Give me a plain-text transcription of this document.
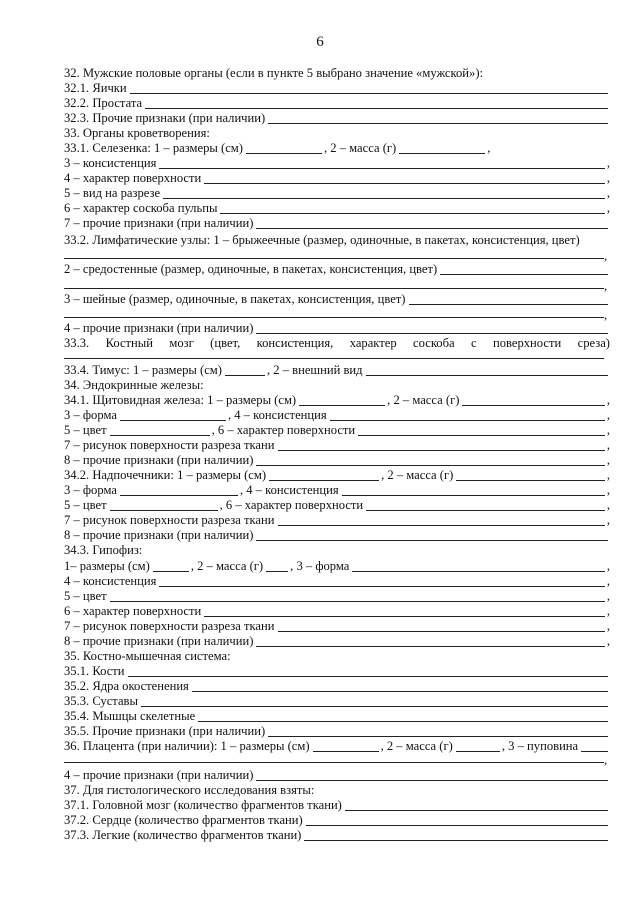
6
32. Мужские половые органы (если в пункте 5 выбрано значение «мужской»):
32.1. Яички
32.2. Простата
32.3. Прочие признаки (при наличии)
33. Органы кроветворения:
33.1. Селезенка: 1 – размеры (см)	, 2 – масса (г)	,
3 – консистенция	,
4 – характер поверхности	,
5 – вид на разрезе	,
6 – характер соскоба пульпы	,
7 – прочие признаки (при наличии)
33.2. Лимфатические узлы: 1 – брыжеечные (размер, одиночные, в пакетах, консистенция, цвет)
,
2 – средостенные (размер, одиночные, в пакетах, консистенция, цвет)
,
3 – шейные (размер, одиночные, в пакетах, консистенция, цвет)
,
4 – прочие признаки (при наличии)
33.3. Костный мозг (цвет, консистенция, характер соскоба с поверхности среза)
33.4. Тимус: 1 – размеры (см)	, 2 – внешний вид
34. Эндокринные железы:
34.1. Щитовидная железа: 1 – размеры (см)	, 2 – масса (г)	,
3 – форма	, 4 – консистенция	,
5 – цвет	, 6 – характер поверхности	,
7 – рисунок поверхности разреза ткани	,
8 – прочие признаки (при наличии)	,
34.2. Надпочечники: 1 – размеры (см)	, 2 – масса (г)	,
3 – форма	, 4 – консистенция	,
5 – цвет	, 6 – характер поверхности	,
7 – рисунок поверхности разреза ткани	,
8 – прочие признаки (при наличии)
34.3. Гипофиз:
1– размеры (см)	, 2 – масса (г) , 3 – форма	,
4 – консистенция	,
5 – цвет	,
6 – характер поверхности	,
7 – рисунок поверхности разреза ткани	,
8 – прочие признаки (при наличии)	,
35. Костно-мышечная система:
35.1. Кости
35.2. Ядра окостенения
35.3. Суставы
35.4. Мышцы скелетные
35.5. Прочие признаки (при наличии)
36. Плацента (при наличии): 1 – размеры (см)	, 2 – масса (г)	, 3 – пуповина
,
4 – прочие признаки (при наличии)
37. Для гистологического исследования взяты:
37.1. Головной мозг (количество фрагментов ткани)
37.2. Сердце (количество фрагментов ткани)
37.3. Легкие (количество фрагментов ткани)
